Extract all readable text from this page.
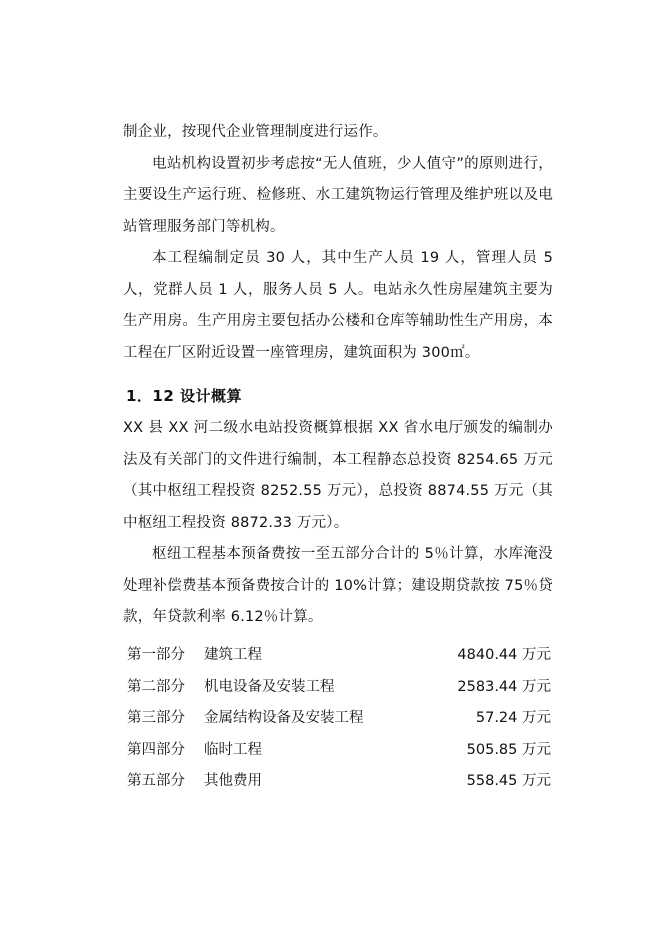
制企业，按现代企业管理制度进行运作。

电站机构设置初步考虑按“无人值班，少人值守”的原则进行，主要设生产运行班、检修班、水工建筑物运行管理及维护班以及电站管理服务部门等机构。

本工程编制定员 30 人，其中生产人员 19 人，管理人员 5 人，党群人员 1 人，服务人员 5 人。电站永久性房屋建筑主要为生产用房。生产用房主要包括办公楼和仓库等辅助性生产用房，本工程在厂区附近设置一座管理房，建筑面积为 300㎡。

1．12 设计概算

XX 县 XX 河二级水电站投资概算根据 XX 省水电厅颁发的编制办法及有关部门的文件进行编制，本工程静态总投资 8254.65 万元（其中枢纽工程投资 8252.55 万元），总投资 8874.55 万元（其中枢纽工程投资 8872.33 万元）。

枢纽工程基本预备费按一至五部分合计的 5％计算，水库淹没处理补偿费基本预备费按合计的 10%计算；建设期贷款按 75％贷款，年贷款利率 6.12％计算。

第一部分 建筑工程	4840.44 万元
第二部分 机电设备及安装工程	2583.44 万元
第三部分 金属结构设备及安装工程	57.24 万元
第四部分 临时工程	505.85 万元
第五部分 其他费用	558.45 万元
